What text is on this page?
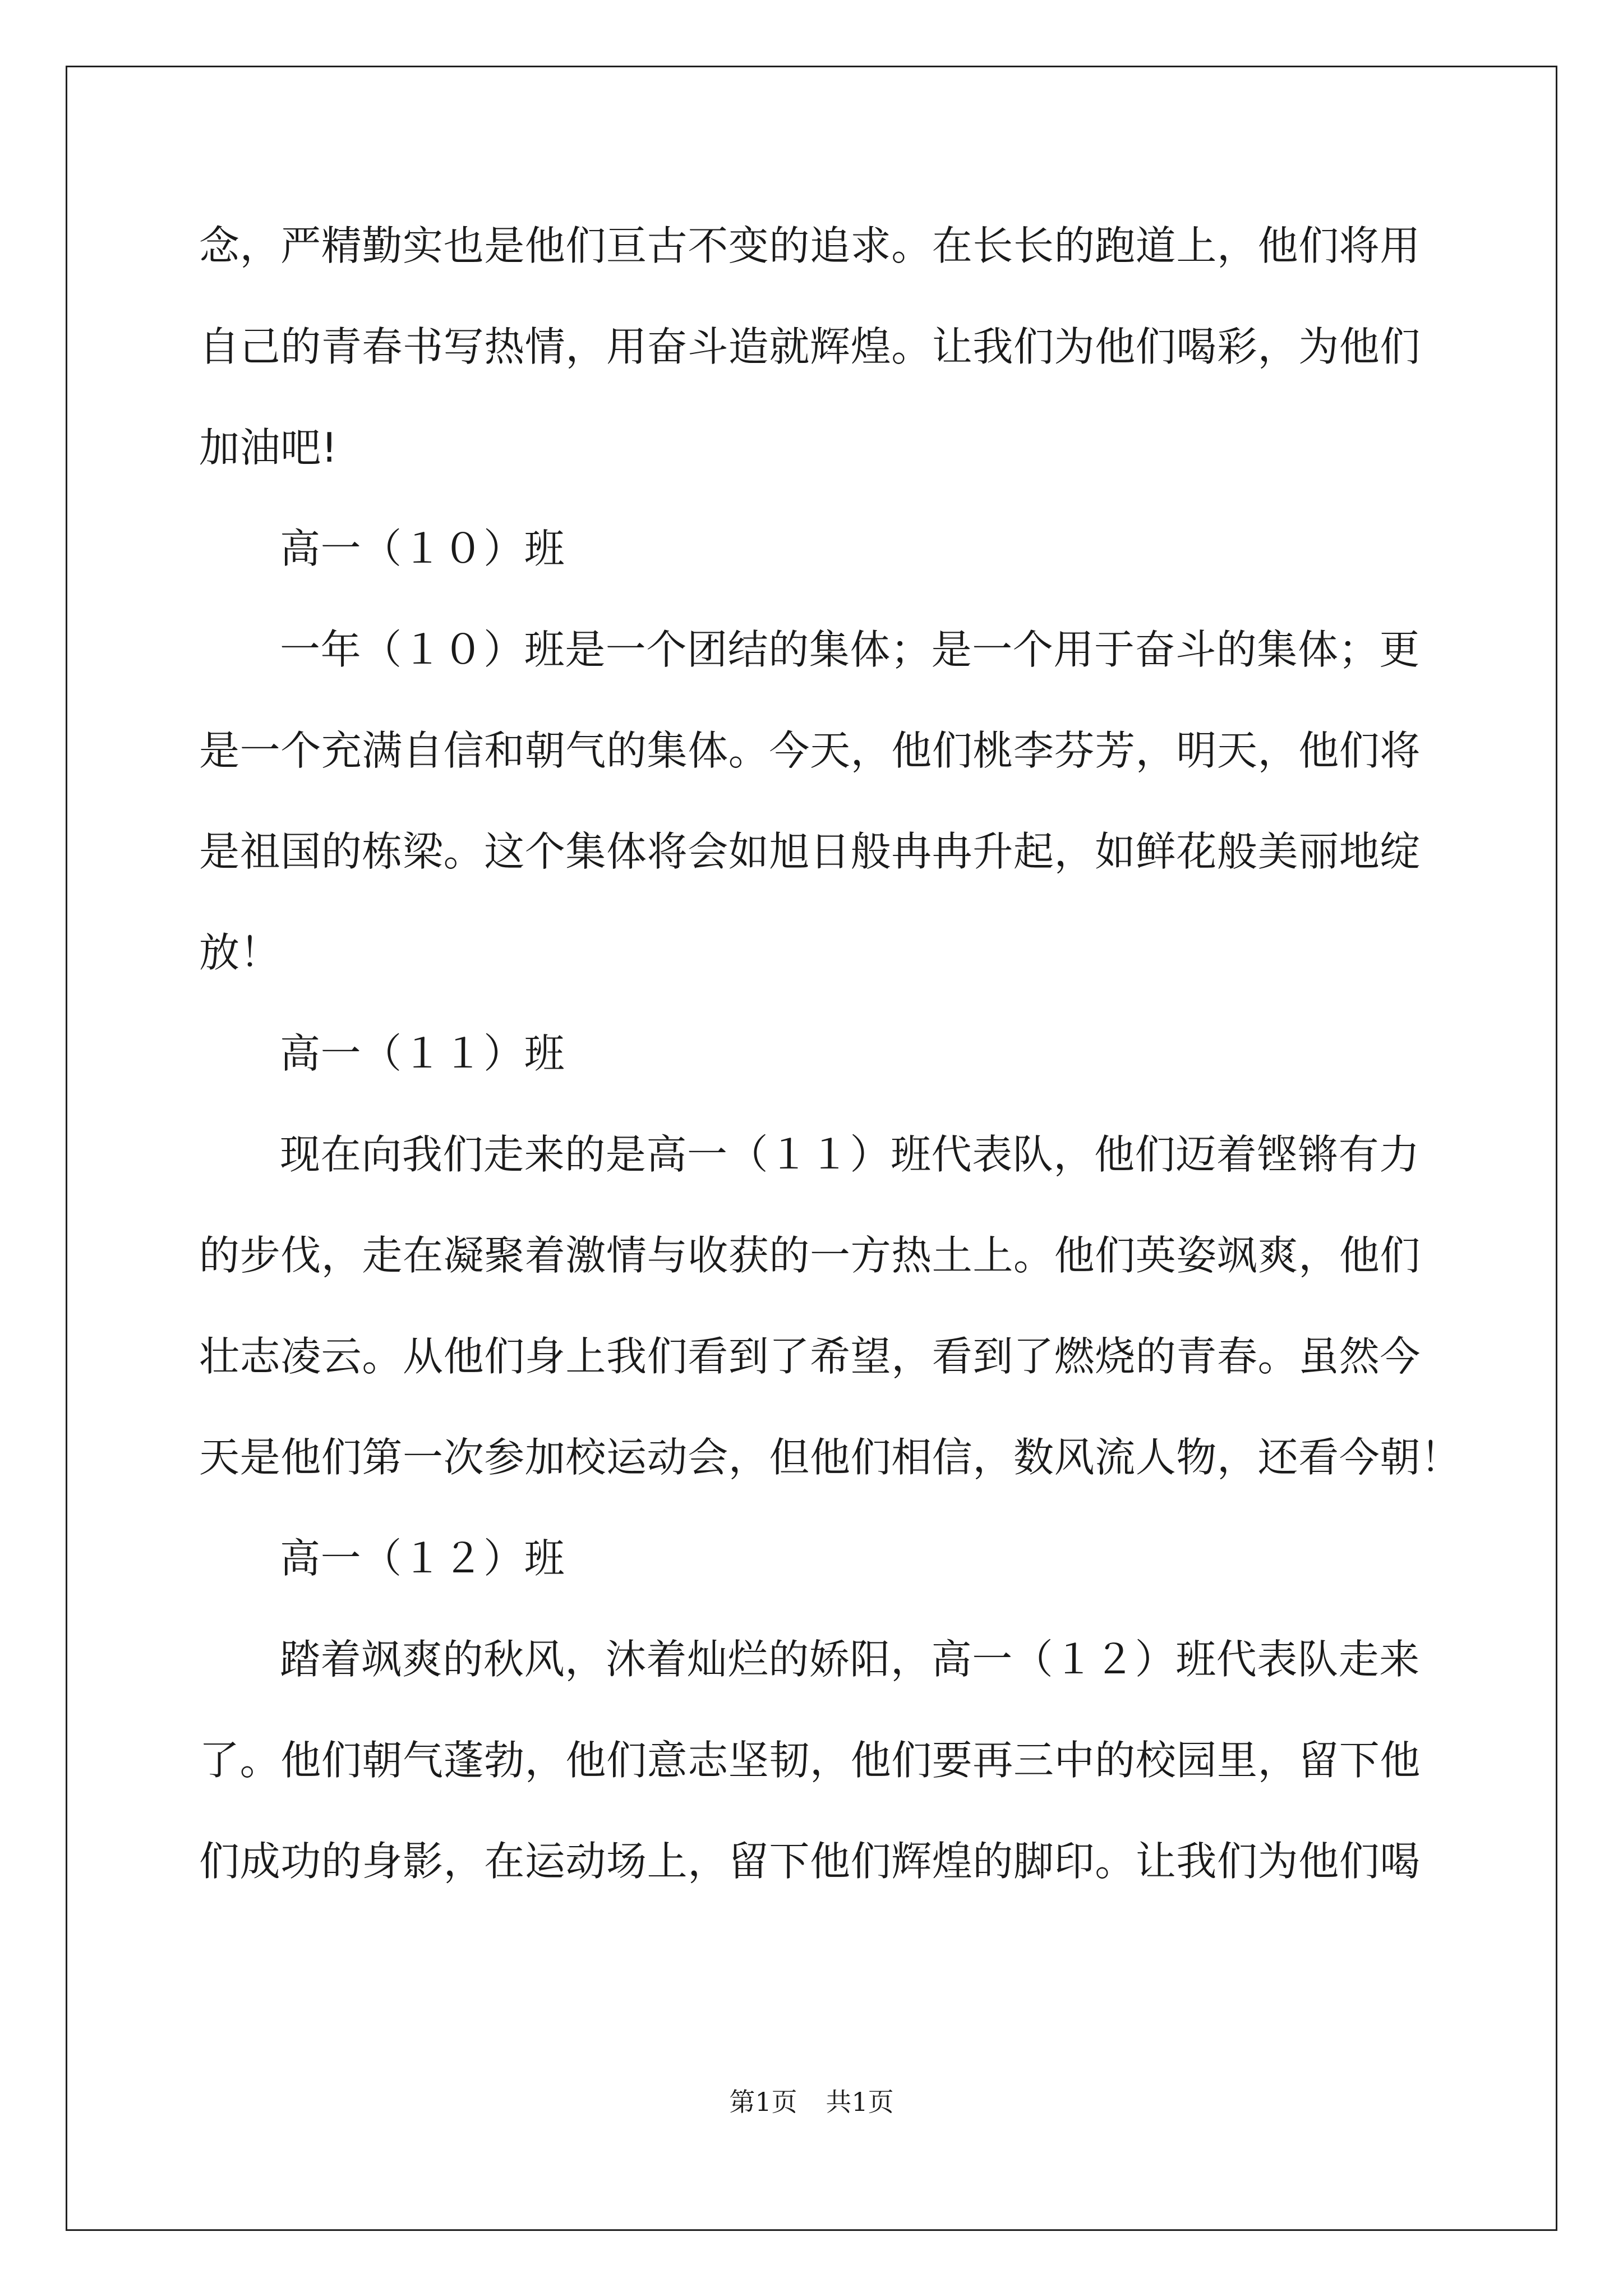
念，严精勤实也是他们亘古不变的追求。在长长的跑道上，他们将用
自己的青春书写热情，用奋斗造就辉煌。让我们为他们喝彩，为他们
加油吧!
高一（１０）班
一年（１０）班是一个团结的集体；是一个用于奋斗的集体；更
是一个充满自信和朝气的集体。今天，他们桃李芬芳，明天，他们将
是祖国的栋梁。这个集体将会如旭日般冉冉升起，如鲜花般美丽地绽
放！
高一（１１）班
现在向我们走来的是高一（１１）班代表队，他们迈着铿锵有力
的步伐，走在凝聚着激情与收获的一方热土上。他们英姿飒爽，他们
壮志凌云。从他们身上我们看到了希望，看到了燃烧的青春。虽然今
天是他们第一次参加校运动会，但他们相信，数风流人物，还看今朝！
高一（１２）班
踏着飒爽的秋风，沐着灿烂的娇阳，高一（１２）班代表队走来
了。他们朝气蓬勃，他们意志坚韧，他们要再三中的校园里，留下他
们成功的身影，在运动场上，留下他们辉煌的脚印。让我们为他们喝
第1页 共1页
